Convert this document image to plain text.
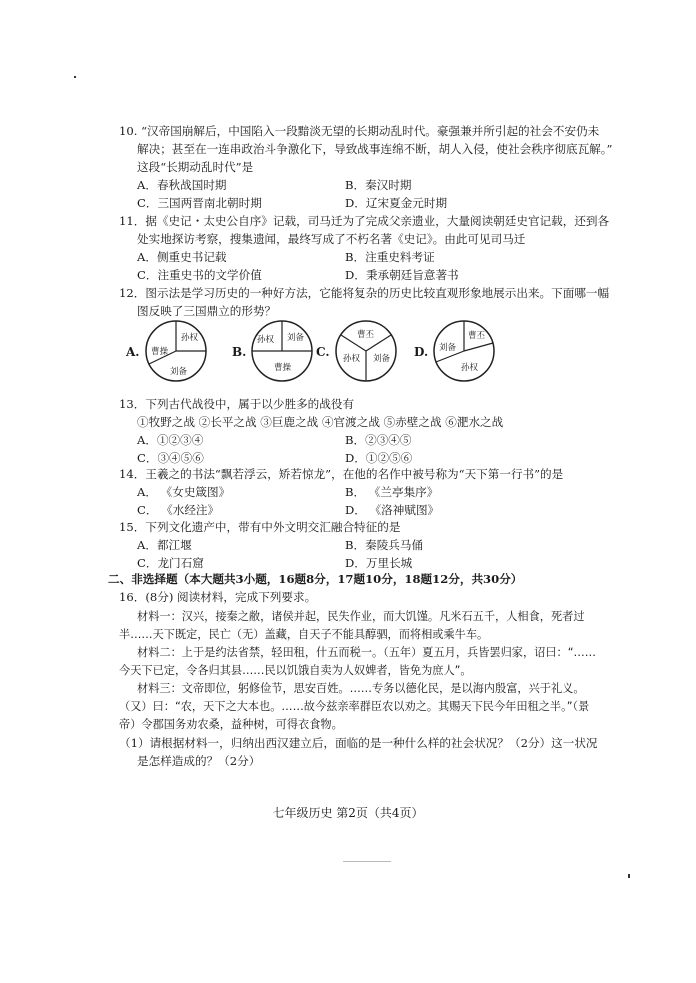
10. “汉帝国崩解后，中国陷入一段黯淡无望的长期动乱时代。豪强兼并所引起的社会不安仍未
解决；甚至在一连串政治斗争激化下，导致战事连绵不断，胡人入侵，使社会秩序彻底瓦解。”
这段“长期动乱时代”是
A．春秋战国时期	B．秦汉时期
C．三国两晋南北朝时期	D．辽宋夏金元时期
11．据《史记・太史公自序》记载，司马迁为了完成父亲遗业，大量阅读朝廷史官记载，还到各
处实地探访考察，搜集遗闻，最终写成了不朽名著《史记》。由此可见司马迁
A．侧重史书记载	B．注重史料考证
C．注重史书的文学价值	D．秉承朝廷旨意著书
12．图示法是学习历史的一种好方法，它能将复杂的历史比较直观形象地展示出来。下面哪一幅
图反映了三国鼎立的形势？
A.
孙权
曹操
刘备
B.
刘备
孙权
曹操
C.
曹丕
孙权 刘备 D.
曹丕
刘备
孙权
13．下列古代战役中，属于以少胜多的战役有
①牧野之战 ②长平之战 ③巨鹿之战 ④官渡之战 ⑤赤壁之战 ⑥淝水之战
A．①②③④	B．②③④⑤
C．③④⑤⑥	D．①②⑤⑥
14．王羲之的书法“飘若浮云，矫若惊龙”，在他的名作中被号称为“天下第一行书”的是
A． 《女史箴图》	B． 《兰亭集序》
C． 《水经注》	D． 《洛神赋图》
15．下列文化遗产中，带有中外文明交汇融合特征的是
A．都江堰	B．秦陵兵马俑
C．龙门石窟	D．万里长城
二、非选择题（本大题共3小题，16题8分，17题10分，18题12分，共30分）
16．(8分) 阅读材料，完成下列要求。
材料一：汉兴，接秦之敝，诸侯并起，民失作业，而大饥馑。凡米石五千，人相食，死者过
半……天下既定，民亡（无）盖藏，自天子不能具醇驷，而将相或乘牛车。
材料二：上于是约法省禁，轻田租，什五而税一。（五年）夏五月，兵皆罢归家，诏曰：“……
今天下已定，令各归其县……民以饥饿自卖为人奴婢者，皆免为庶人”。
材料三：文帝即位，躬修俭节，思安百姓。……专务以德化民，是以海内殷富，兴于礼义。
（又）曰：“农，天下之大本也。……故今兹亲率群臣农以劝之。其赐天下民今年田租之半。”（景
帝）令郡国务劝农桑，益种树，可得衣食物。
（1）请根据材料一，归纳出西汉建立后，面临的是一种什么样的社会状况？（2分）这一状况
是怎样造成的？（2分）
七年级历史 第2页（共4页）
